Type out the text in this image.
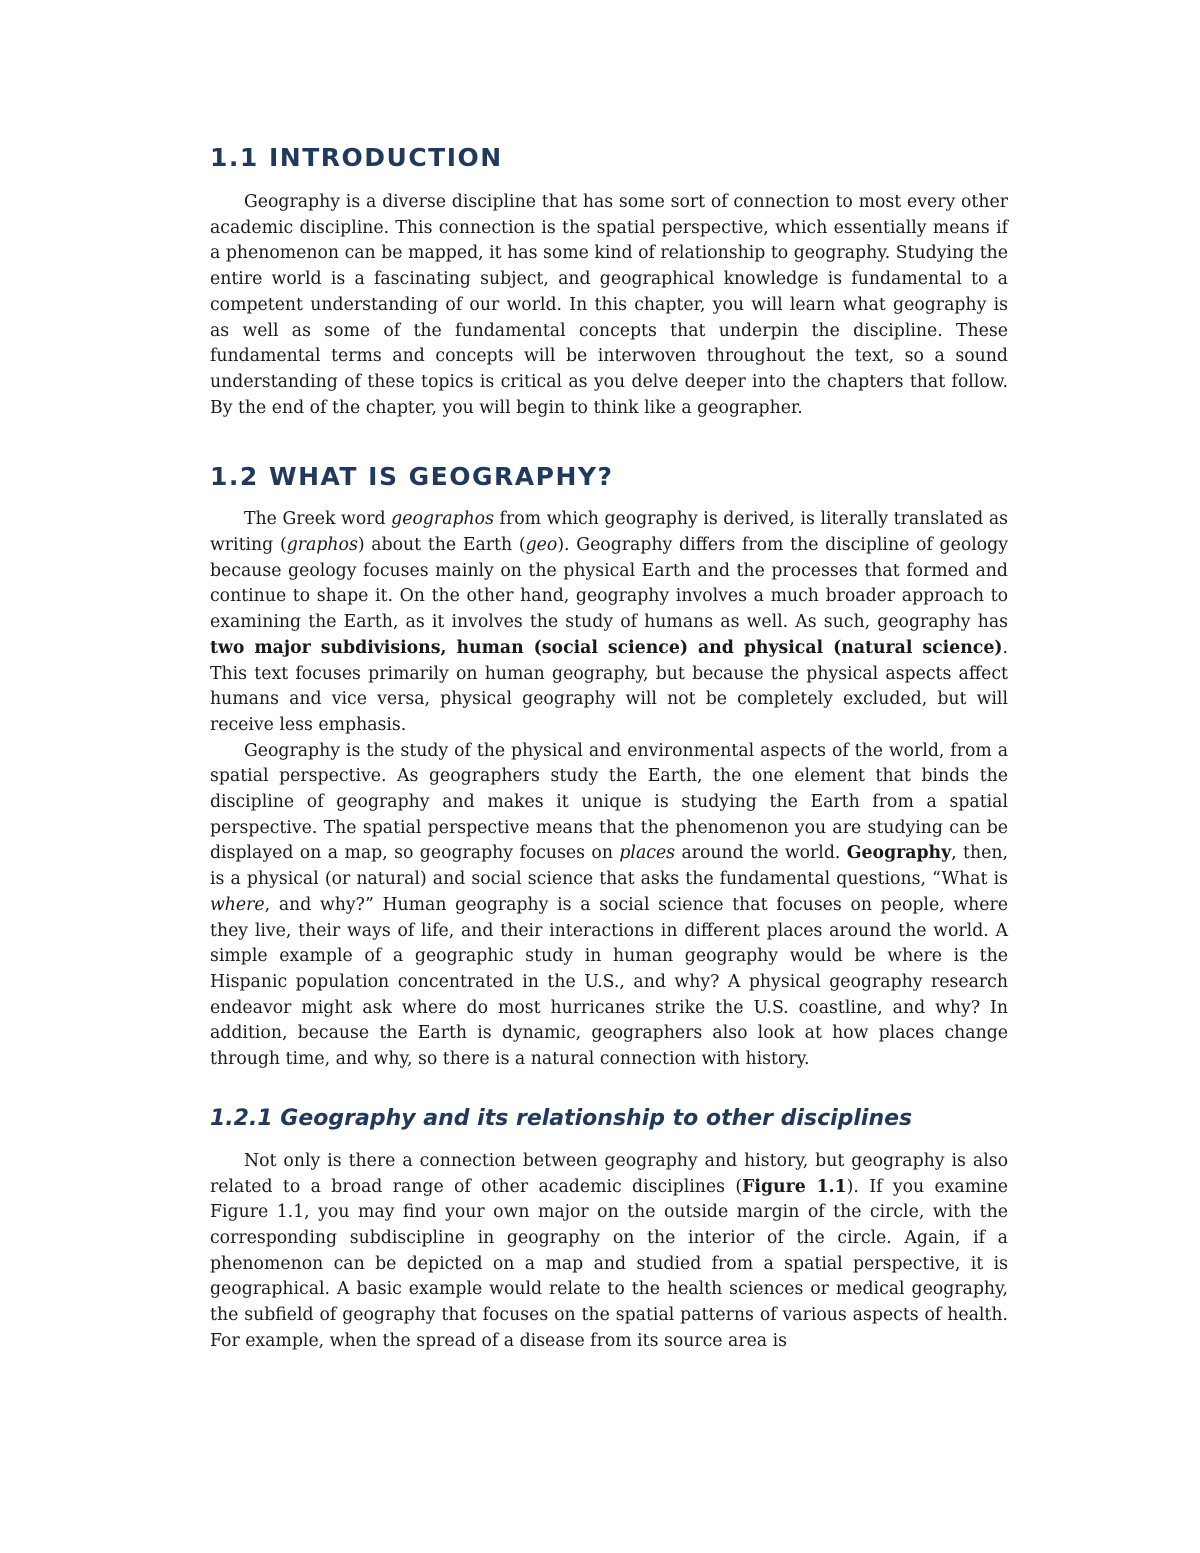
1.1 INTRODUCTION

Geography is a diverse discipline that has some sort of connection to most every other academic discipline. This connection is the spatial perspective, which essentially means if a phenomenon can be mapped, it has some kind of relationship to geography. Studying the entire world is a fascinating subject, and geographical knowledge is fundamental to a competent understanding of our world. In this chapter, you will learn what geography is as well as some of the fundamental concepts that underpin the discipline. These fundamental terms and concepts will be interwoven throughout the text, so a sound understanding of these topics is critical as you delve deeper into the chapters that follow. By the end of the chapter, you will begin to think like a geographer.

1.2 WHAT IS GEOGRAPHY?

The Greek word geographos from which geography is derived, is literally translated as writing (graphos) about the Earth (geo). Geography differs from the discipline of geology because geology focuses mainly on the physical Earth and the processes that formed and continue to shape it. On the other hand, geography involves a much broader approach to examining the Earth, as it involves the study of humans as well. As such, geography has two major subdivisions, human (social science) and physical (natural science). This text focuses primarily on human geography, but because the physical aspects affect humans and vice versa, physical geography will not be completely excluded, but will receive less emphasis.

Geography is the study of the physical and environmental aspects of the world, from a spatial perspective. As geographers study the Earth, the one element that binds the discipline of geography and makes it unique is studying the Earth from a spatial perspective. The spatial perspective means that the phenomenon you are studying can be displayed on a map, so geography focuses on places around the world. Geography, then, is a physical (or natural) and social science that asks the fundamental questions, “What is where, and why?” Human geography is a social science that focuses on people, where they live, their ways of life, and their interactions in different places around the world. A simple example of a geographic study in human geography would be where is the Hispanic population concentrated in the U.S., and why? A physical geography research endeavor might ask where do most hurricanes strike the U.S. coastline, and why? In addition, because the Earth is dynamic, geographers also look at how places change through time, and why, so there is a natural connection with history.

1.2.1 Geography and its relationship to other disciplines

Not only is there a connection between geography and history, but geography is also related to a broad range of other academic disciplines (Figure 1.1). If you examine Figure 1.1, you may find your own major on the outside margin of the circle, with the corresponding subdiscipline in geography on the interior of the circle. Again, if a phenomenon can be depicted on a map and studied from a spatial perspective, it is geographical. A basic example would relate to the health sciences or medical geography, the subfield of geography that focuses on the spatial patterns of various aspects of health. For example, when the spread of a disease from its source area is
